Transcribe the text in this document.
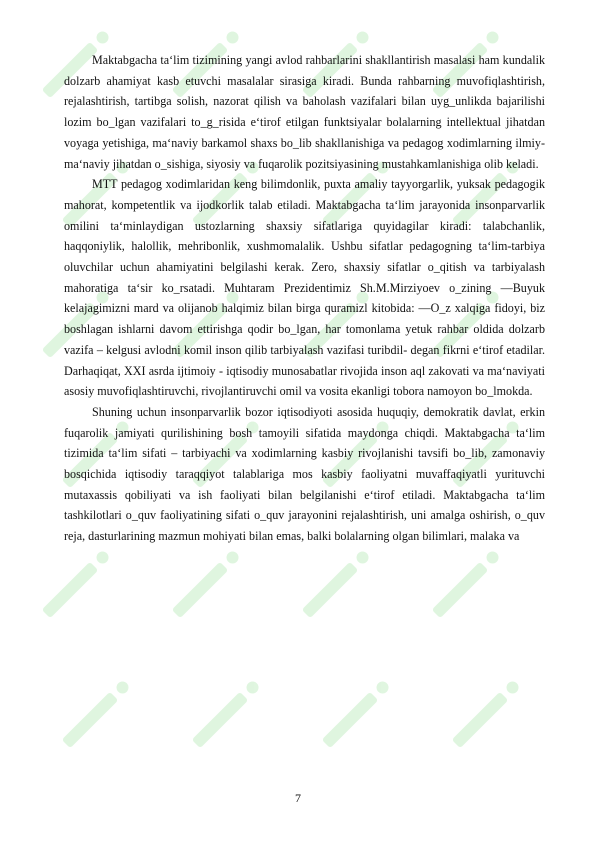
Maktabgacha ta‘lim tizimining yangi avlod rahbarlarini shakllantirish masalasi ham kundalik dolzarb ahamiyat kasb etuvchi masalalar sirasiga kiradi. Bunda rahbarning muvofiqlashtirish, rejalashtirish, tartibga solish, nazorat qilish va baholash vazifalari bilan uyg_unlikda bajarilishi lozim bo_lgan vazifalari to_g_risida e‘tirof etilgan funktsiyalar bolalarning intellektual jihatdan voyaga yetishiga, ma‘naviy barkamol shaxs bo_lib shakllanishiga va pedagog xodimlarning ilmiy-ma‘naviy jihatdan o_sishiga, siyosiy va fuqarolik pozitsiyasining mustahkamlanishiga olib keladi.

MTT pedagog xodimlaridan keng bilimdonlik, puxta amaliy tayyorgarlik, yuksak pedagogik mahorat, kompetentlik va ijodkorlik talab etiladi. Maktabgacha ta‘lim jarayonida insonparvarlik omilini ta‘minlaydigan ustozlarning shaxsiy sifatlariga quyidagilar kiradi: talabchanlik, haqqoniylik, halollik, mehribonlik, xushmomalalik. Ushbu sifatlar pedagogning ta‘lim-tarbiya oluvchilar uchun ahamiyatini belgilashi kerak. Zero, shaxsiy sifatlar o_qitish va tarbiyalash mahoratiga ta‘sir ko_rsatadi. Muhtaram Prezidentimiz Sh.M.Mirziyoev o_zining ―Buyuk kelajagimizni mard va olijanob halqimiz bilan birga quramizl kitobida: ―O_z xalqiga fidoyi, biz boshlagan ishlarni davom ettirishga qodir bo_lgan, har tomonlama yetuk rahbar oldida dolzarb vazifa – kelgusi avlodni komil inson qilib tarbiyalash vazifasi turibdil- degan fikrni e‘tirof etadilar. Darhaqiqat, XXI asrda ijtimoiy - iqtisodiy munosabatlar rivojida inson aql zakovati va ma‘naviyati asosiy muvofiqlashtiruvchi, rivojlantiruvchi omil va vosita ekanligi tobora namoyon bo_lmokda.

Shuning uchun insonparvarlik bozor iqtisodiyoti asosida huquqiy, demokratik davlat, erkin fuqarolik jamiyati qurilishining bosh tamoyili sifatida maydonga chiqdi. Maktabgacha ta‘lim tizimida ta‘lim sifati – tarbiyachi va xodimlarning kasbiy rivojlanishi tavsifi bo_lib, zamonaviy bosqichida iqtisodiy taraqqiyot talablariga mos kasbiy faoliyatni muvaffaqiyatli yurituvchi mutaxassis qobiliyati va ish faoliyati bilan belgilanishi e‘tirof etiladi. Maktabgacha ta‘lim tashkilotlari o_quv faoliyatining sifati o_quv jarayonini rejalashtirish, uni amalga oshirish, o_quv reja, dasturlarining mazmun mohiyati bilan emas, balki bolalarning olgan bilimlari, malaka va

7
